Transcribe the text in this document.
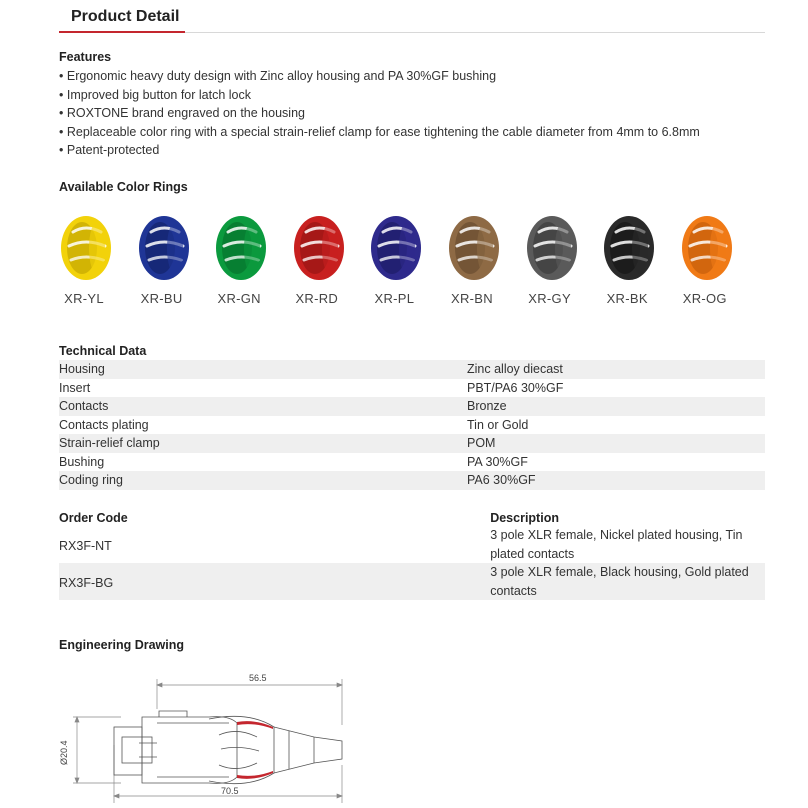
Product Detail
Features
• Ergonomic heavy duty design with Zinc alloy housing and PA 30%GF bushing
• Improved big button for latch lock
• ROXTONE brand engraved on the housing
• Replaceable color ring with a special strain-relief clamp for ease tightening the cable diameter from 4mm to 6.8mm
• Patent-protected
Available Color Rings
XR-YL	XR-BU	XR-GN	XR-RD	XR-PL	XR-BN	XR-GY	XR-BK	XR-OG
Technical Data	
Housing	Zinc alloy diecast
Insert	PBT/PA6 30%GF
Contacts	Bronze
Contacts plating	Tin or Gold
Strain-relief clamp	POM
Bushing	PA 30%GF
Coding ring	PA6 30%GF
Order Code	Description
RX3F-NT	3 pole XLR female, Nickel plated housing, Tin plated contacts
RX3F-BG	3 pole XLR female, Black housing, Gold plated contacts
Engineering Drawing
56.5
70.5
Ø20.4
